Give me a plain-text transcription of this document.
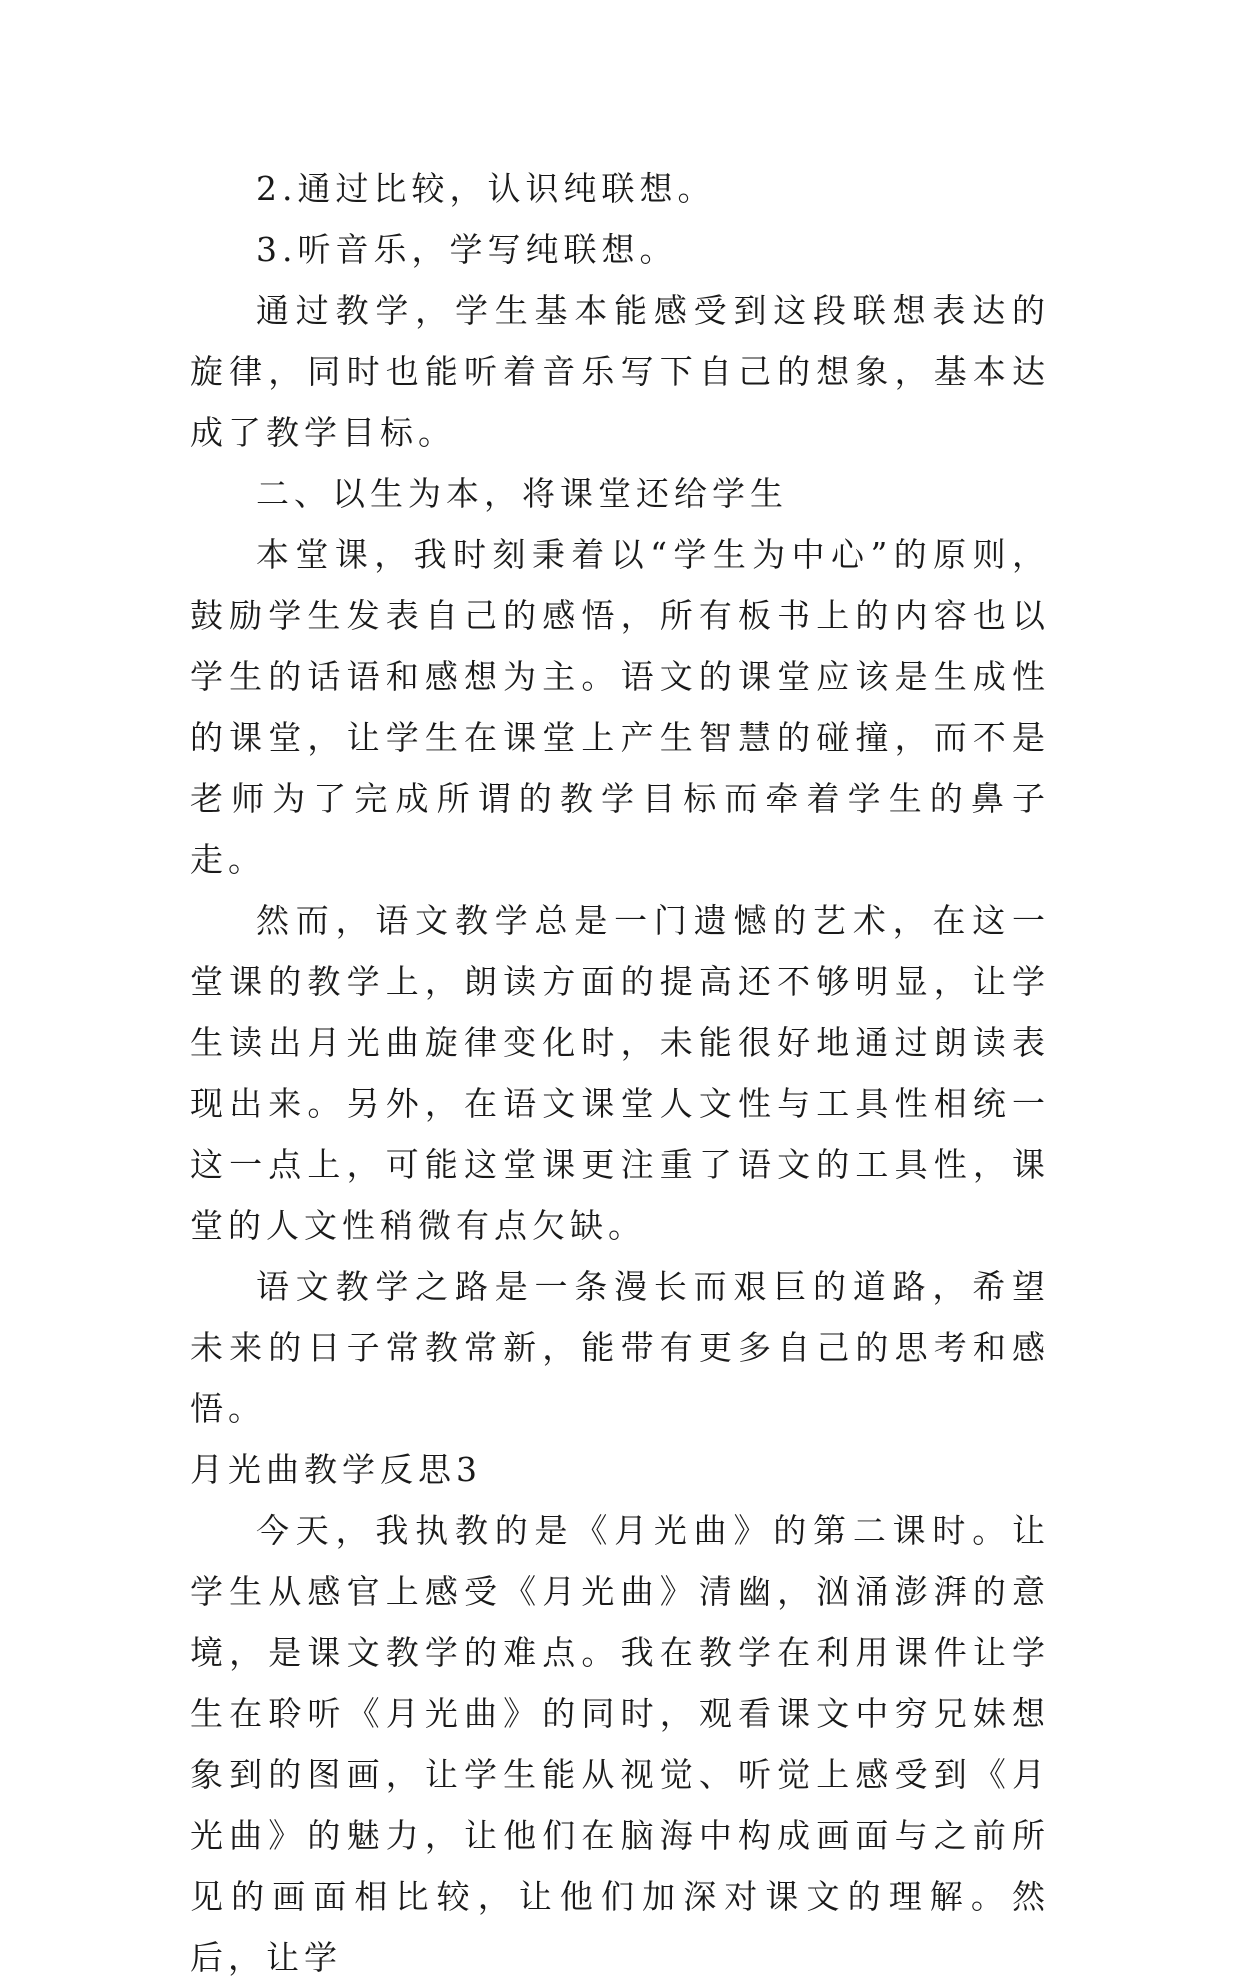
2.通过比较，认识纯联想。

3.听音乐，学写纯联想。

通过教学，学生基本能感受到这段联想表达的旋律，同时也能听着音乐写下自己的想象，基本达成了教学目标。

二、以生为本，将课堂还给学生

本堂课，我时刻秉着以“学生为中心”的原则，鼓励学生发表自己的感悟，所有板书上的内容也以学生的话语和感想为主。语文的课堂应该是生成性的课堂，让学生在课堂上产生智慧的碰撞，而不是老师为了完成所谓的教学目标而牵着学生的鼻子走。

然而，语文教学总是一门遗憾的艺术，在这一堂课的教学上，朗读方面的提高还不够明显，让学生读出月光曲旋律变化时，未能很好地通过朗读表现出来。另外，在语文课堂人文性与工具性相统一这一点上，可能这堂课更注重了语文的工具性，课堂的人文性稍微有点欠缺。

语文教学之路是一条漫长而艰巨的道路，希望未来的日子常教常新，能带有更多自己的思考和感悟。

月光曲教学反思3

今天，我执教的是《月光曲》的第二课时。让学生从感官上感受《月光曲》清幽，汹涌澎湃的意境，是课文教学的难点。我在教学在利用课件让学生在聆听《月光曲》的同时，观看课文中穷兄妹想象到的图画，让学生能从视觉、听觉上感受到《月光曲》的魅力，让他们在脑海中构成画面与之前所见的画面相比较，让他们加深对课文的理解。然后，让学
